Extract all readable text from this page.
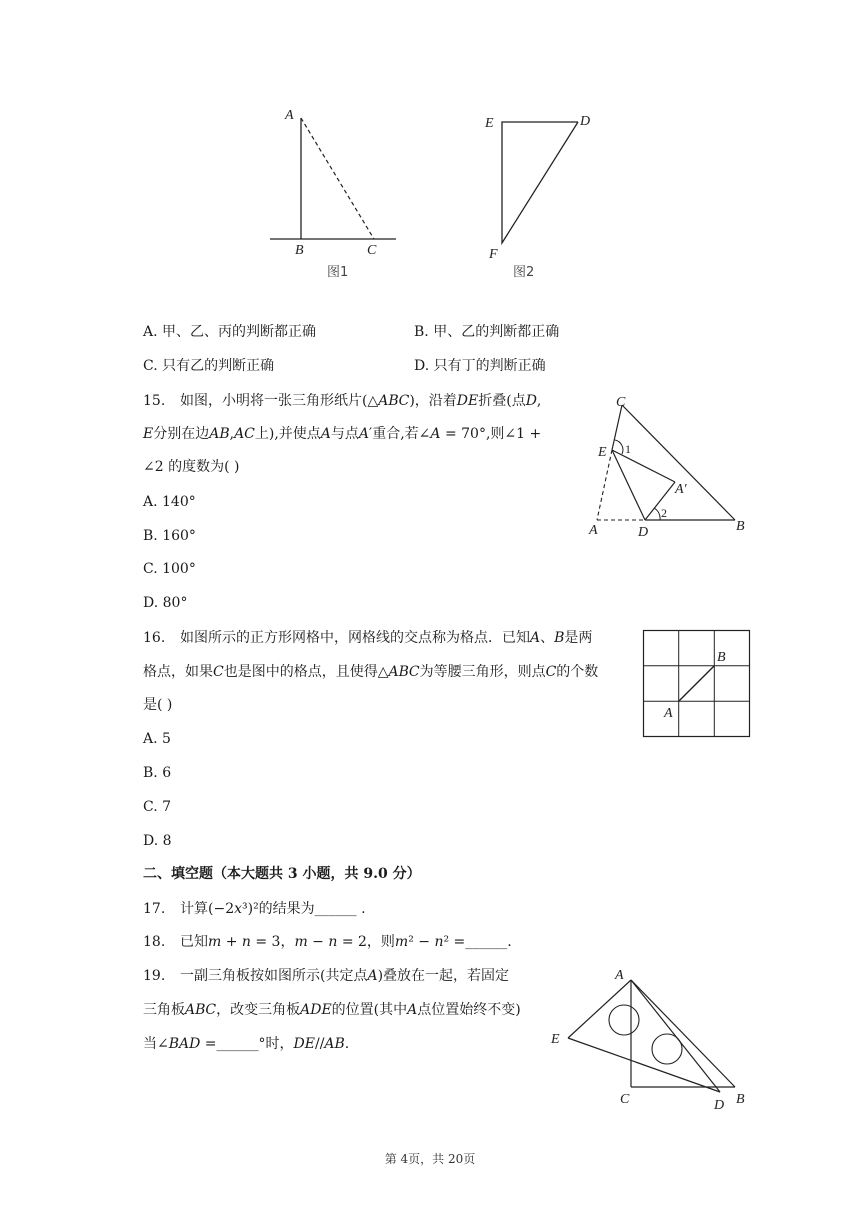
A
B	C
图1
E	D
F
图2
A. 甲、乙、丙的判断都正确	B. 甲、乙的判断都正确
C. 只有乙的判断正确	D. 只有丁的判断正确
15. 如图，小明将一张三角形纸片(△𝐴𝐵𝐶)，沿着𝐷𝐸折叠(点𝐷,
𝐸分别在边𝐴𝐵,𝐴𝐶上),并使点𝐴与点𝐴′重合,若∠𝐴 = 70°,则∠1 +
∠2 的度数为( )
A. 140°
B. 160°
C. 100°
D. 80°
C
E 1
A′
2
A	D	B
16. 如图所示的正方形网格中，网格线的交点称为格点．已知𝐴、𝐵是两
格点，如果𝐶也是图中的格点，且使得△𝐴𝐵𝐶为等腰三角形，则点𝐶的个数
是( )
A. 5
B. 6
C. 7
D. 8
B
A
二、填空题（本大题共 3 小题，共 9.0 分）
17. 计算(−2𝑥³)²的结果为______ .
18. 已知𝑚 + 𝑛 = 3，𝑚 − 𝑛 = 2，则𝑚² − 𝑛² =______.
19. 一副三角板按如图所示(共定点𝐴)叠放在一起，若固定
三角板𝐴𝐵𝐶，改变三角板𝐴𝐷𝐸的位置(其中𝐴点位置始终不变)
当∠𝐵𝐴𝐷 =______°时，𝐷𝐸//𝐴𝐵.
A
E
C	D B
第 4页，共 20页
